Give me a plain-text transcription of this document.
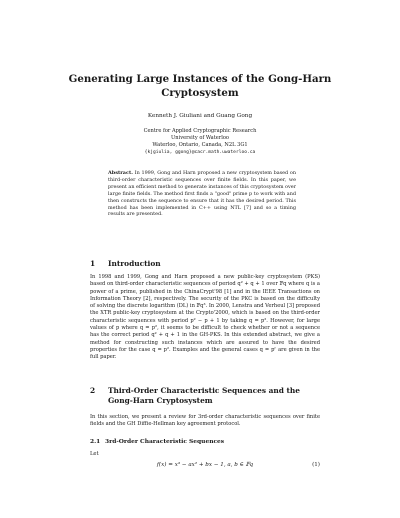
Generating Large Instances of the Gong-Harn
Cryptosystem
Kenneth J. Giuliani and Guang Gong
Centre for Applied Cryptographic Research
University of Waterloo
Waterloo, Ontario, Canada, N2L 3G1
{kjgiulia, ggong}@cacr.math.uwaterloo.ca
Abstract. In 1999, Gong and Harn proposed a new cryptosystem based on third-order characteristic sequences over finite fields. In this paper, we present an efficient method to generate instances of this cryptosystem over large finite fields. The method first finds a "good" prime p to work with and then constructs the sequence to ensure that it has the desired period. This method has been implemented in C++ using NTL [7] and so a timing results are presented.
1 Introduction
In 1998 and 1999, Gong and Harn proposed a new public-key cryptosystem (PKS) based on third-order characteristic sequences of period q² + q + 1 over 𝔽q where q is a power of a prime, published in the ChinaCrypt'98 [1] and in the IEEE Transactions on Information Theory [2], respectively. The security of the PKC is based on the difficulty of solving the discrete logarithm (DL) in 𝔽q³. In 2000, Lenstra and Verheul [3] proposed the XTR public-key cryptosystem at the Crypto'2000, which is based on the third-order characteristic sequences with period p² − p + 1 by taking q = p². However, for large values of p where q = p², it seems to be difficult to check whether or not a sequence has the correct period q² + q + 1 in the GH-PKS. In this extended abstract, we give a method for constructing such instances which are assured to have the desired properties for the case q = p². Examples and the general cases q = pʳ are given in the full paper.
2 Third-Order Characteristic Sequences and the
Gong-Harn Cryptosystem
In this section, we present a review for 3rd-order characteristic sequences over finite fields and the GH Diffie-Hellman key agreement protocol.
2.1 3rd-Order Characteristic Sequences
Let
f(x) = x³ − ax² + bx − 1, a, b ∈ 𝔽q	(1)
